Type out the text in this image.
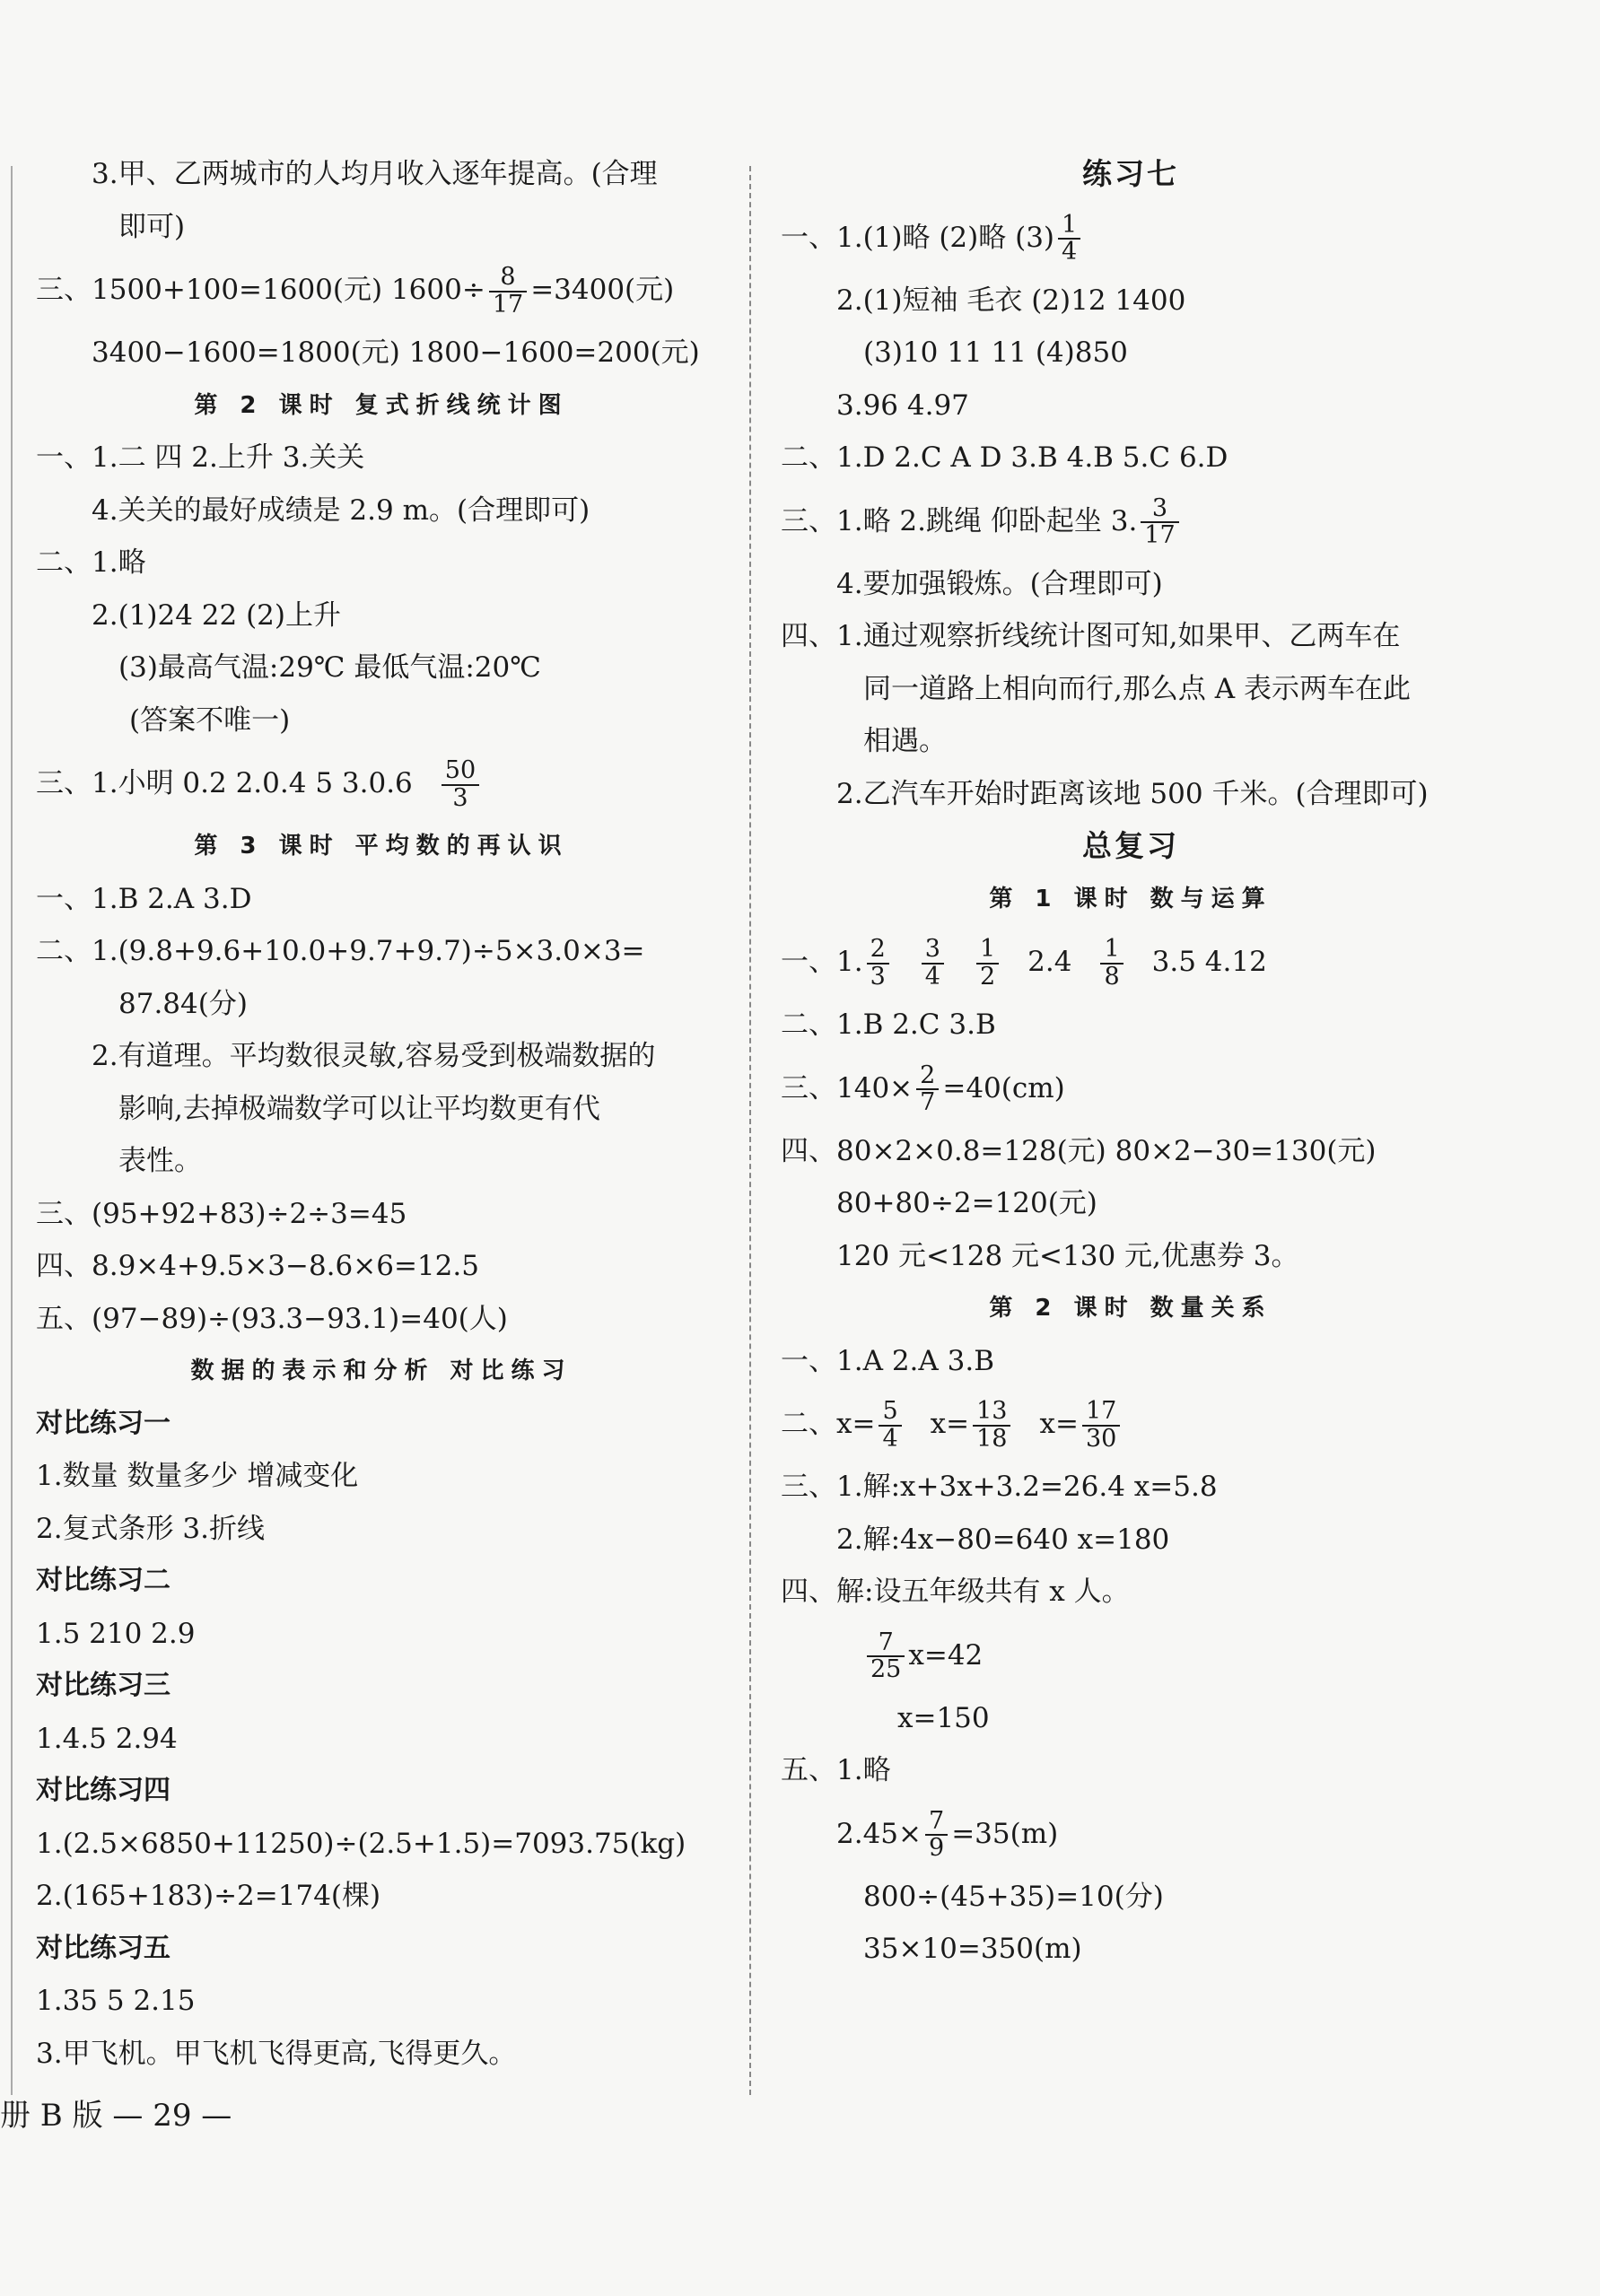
3.甲、乙两城市的人均月收入逐年提高。(合理
即可)
三、1500+100=1600(元) $1600\div \frac{8}{17} =3400$(元)
3400−1600=1800(元) 1800−1600=200(元)
第 2 课时 复式折线统计图
一、1.二 四 2.上升 3.关关
4.关关的最好成绩是 2.9 m。(合理即可)
二、1.略
2.(1)24 22 (2)上升
(3)最高气温:29℃ 最低气温:20℃
(答案不唯一)
三、1.小明 0.2 2.0.4 5 $3.0.6 \frac{50}{3}$
第 3 课时 平均数的再认识
一、1.B 2.A 3.D
二、1.(9.8+9.6+10.0+9.7+9.7)÷5×3.0×3=
87.84(分)
2.有道理。平均数很灵敏,容易受到极端数据的
影响,去掉极端数学可以让平均数更有代
表性。
三、(95+92+83)÷2÷3=45
四、8.9×4+9.5×3−8.6×6=12.5
五、(97−89)÷(93.3−93.1)=40(人)
数据的表示和分析 对比练习
对比练习一
1.数量 数量多少 增减变化
2.复式条形 3.折线
对比练习二
1.5 210 2.9
对比练习三
1.4.5 2.94
对比练习四
1.(2.5×6850+11250)÷(2.5+1.5)=7093.75(kg)
2.(165+183)÷2=174(棵)
对比练习五
1.35 5 2.15
3.甲飞机。甲飞机飞得更高,飞得更久。
练习七
一、1.(1)略 (2)略 $(3) \frac{1}{4}$
2.(1)短袖 毛衣 (2)12 1400
(3)10 11 11 (4)850
3.96 4.97
二、1.D 2.C A D 3.B 4.B 5.C 6.D
三、1.略 2.跳绳 仰卧起坐 3. $\frac{3}{17}$
4.要加强锻炼。(合理即可)
四、1.通过观察折线统计图可知,如果甲、乙两车在
同一道路上相向而行,那么点 A 表示两车在此
相遇。
2.乙汽车开始时距离该地 500 千米。(合理即可)
总复习
第 1 课时 数与运算
一、1. $\frac{2}{3} \frac{3}{4} \frac{1}{2} 2.4 \frac{1}{8} 3.5$ 4.12
二、1.B 2.C 3.B
三、$140\times \frac{2}{7} =40(cm)$
四、80×2×0.8=128(元) 80×2−30=130(元)
80+80÷2=120(元)
120 元<128 元<130 元,优惠券 3。
第 2 课时 数量关系
一、1.A 2.A 3.B
二、$x= \frac{5}{4} x= \frac{13}{18} x= \frac{17}{30}$
三、1.解:x+3x+3.2=26.4 x=5.8
2.解:4x−80=640 x=180
四、解:设五年级共有 x 人。
$\frac{7}{25} x=42$
x=150
五、1.略
$2.45\times \frac{7}{9} =35(m)$
800÷(45+35)=10(分)
35×10=350(m)
册 B 版 — 29 —
